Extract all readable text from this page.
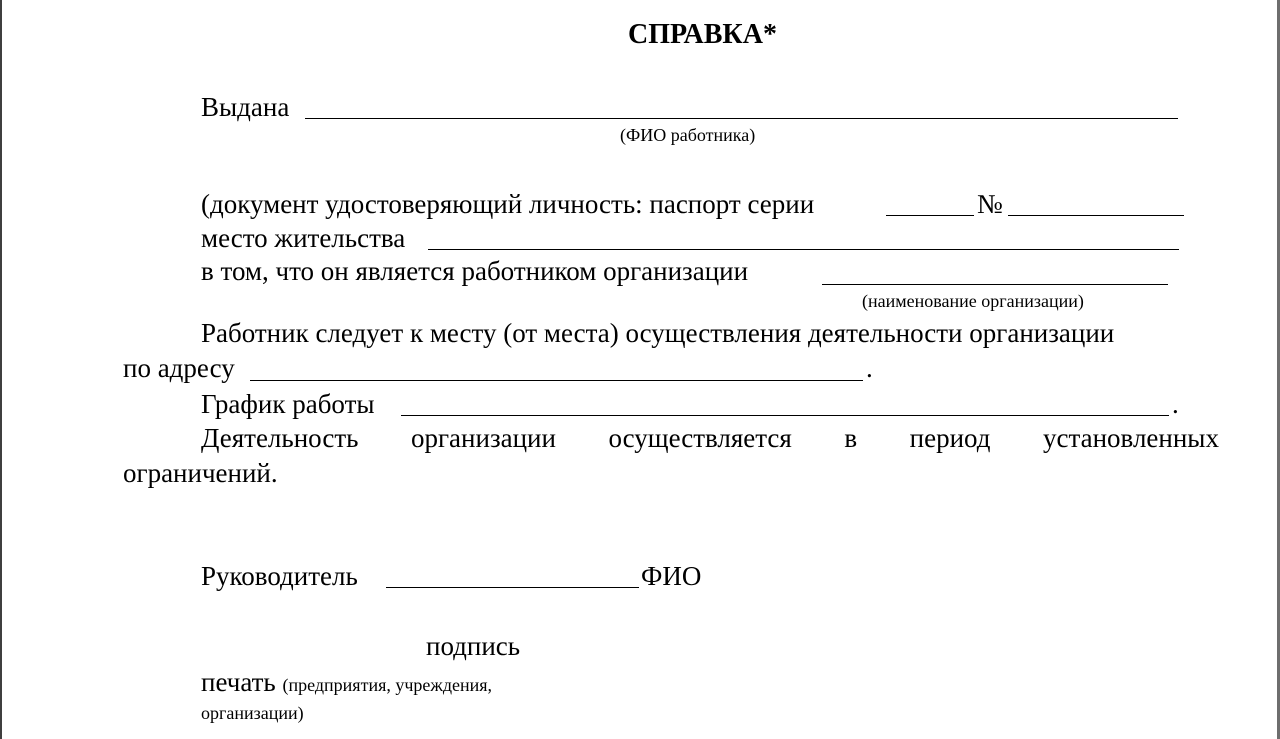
СПРАВКА*
Выдана
(ФИО работника)
(документ удостоверяющий личность: паспорт серии	№
место жительства
в том, что он является работником организации
(наименование организации)
Работник следует к месту (от места) осуществления деятельности организации
по адресу	.
График работы	.
Деятельность организации осуществляется в период установленных
ограничений.
Руководитель	ФИО
подпись
печать (предприятия, учреждения,
организации)
